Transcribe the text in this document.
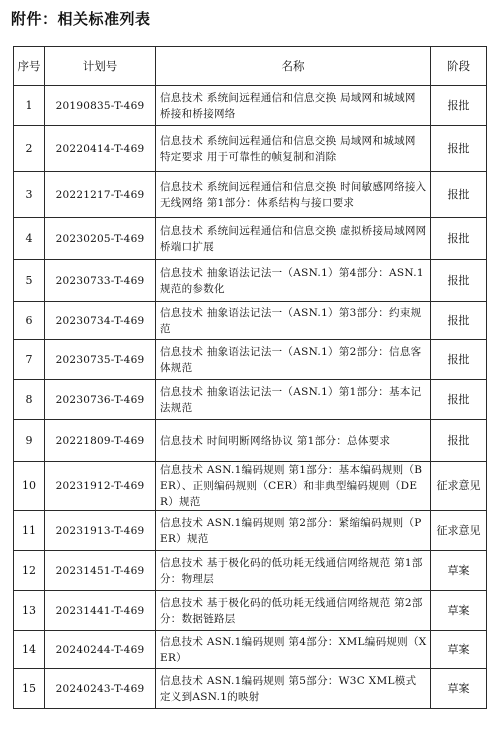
附件：相关标准列表
序号	计划号	名称	阶段
1	20190835-T-469	信息技术 系统间远程通信和信息交换 局域网和城域网 桥接和桥接网络	报批
2	20220414-T-469	信息技术 系统间远程通信和信息交换 局域网和城域网 特定要求 用于可靠性的帧复制和消除	报批
3	20221217-T-469	信息技术 系统间远程通信和信息交换 时间敏感网络接入无线网络 第1部分：体系结构与接口要求	报批
4	20230205-T-469	信息技术 系统间远程通信和信息交换 虚拟桥接局域网网桥端口扩展	报批
5	20230733-T-469	信息技术 抽象语法记法一（ASN.1）第4部分：ASN.1规范的参数化	报批
6	20230734-T-469	信息技术 抽象语法记法一（ASN.1）第3部分：约束规范	报批
7	20230735-T-469	信息技术 抽象语法记法一（ASN.1）第2部分：信息客体规范	报批
8	20230736-T-469	信息技术 抽象语法记法一（ASN.1）第1部分：基本记法规范	报批
9	20221809-T-469	信息技术 时间明断网络协议 第1部分：总体要求	报批
10	20231912-T-469	信息技术 ASN.1编码规则 第1部分：基本编码规则（BER）、正则编码规则（CER）和非典型编码规则（DER）规范	征求意见
11	20231913-T-469	信息技术 ASN.1编码规则 第2部分：紧缩编码规则（PER）规范	征求意见
12	20231451-T-469	信息技术 基于极化码的低功耗无线通信网络规范 第1部分：物理层	草案
13	20231441-T-469	信息技术 基于极化码的低功耗无线通信网络规范 第2部分：数据链路层	草案
14	20240244-T-469	信息技术 ASN.1编码规则 第4部分：XML编码规则（XER）	草案
15	20240243-T-469	信息技术 ASN.1编码规则 第5部分：W3C XML模式定义到ASN.1的映射	草案
